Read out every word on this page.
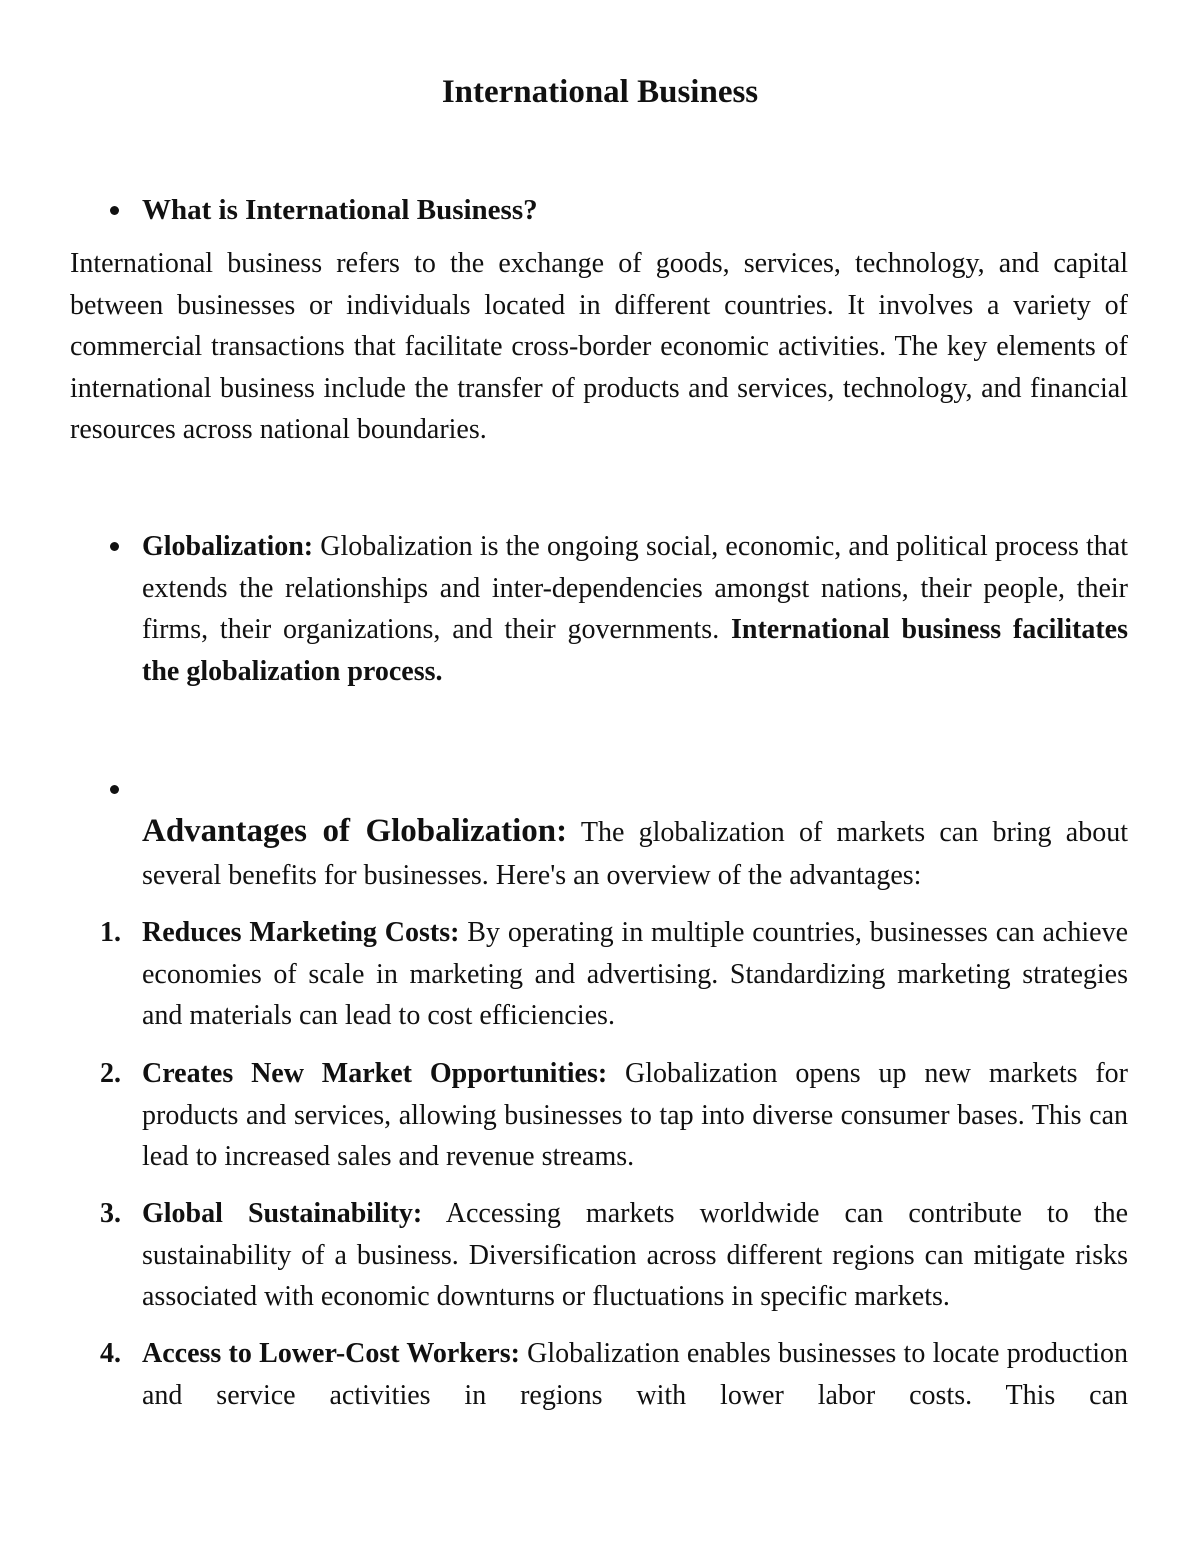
International Business
What is International Business?

International business refers to the exchange of goods, services, technology, and capital between businesses or individuals located in different countries. It involves a variety of commercial transactions that facilitate cross-border economic activities. The key elements of international business include the transfer of products and services, technology, and financial resources across national boundaries.

Globalization: Globalization is the ongoing social, economic, and political process that extends the relationships and inter-dependencies amongst nations, their people, their firms, their organizations, and their governments. International business facilitates the globalization process.

Advantages of Globalization: The globalization of markets can bring about several benefits for businesses. Here's an overview of the advantages:

1. Reduces Marketing Costs: By operating in multiple countries, businesses can achieve economies of scale in marketing and advertising. Standardizing marketing strategies and materials can lead to cost efficiencies.

2. Creates New Market Opportunities: Globalization opens up new markets for products and services, allowing businesses to tap into diverse consumer bases. This can lead to increased sales and revenue streams.

3. Global Sustainability: Accessing markets worldwide can contribute to the sustainability of a business. Diversification across different regions can mitigate risks associated with economic downturns or fluctuations in specific markets.

4. Access to Lower-Cost Workers: Globalization enables businesses to locate production and service activities in regions with lower labor costs. This can
